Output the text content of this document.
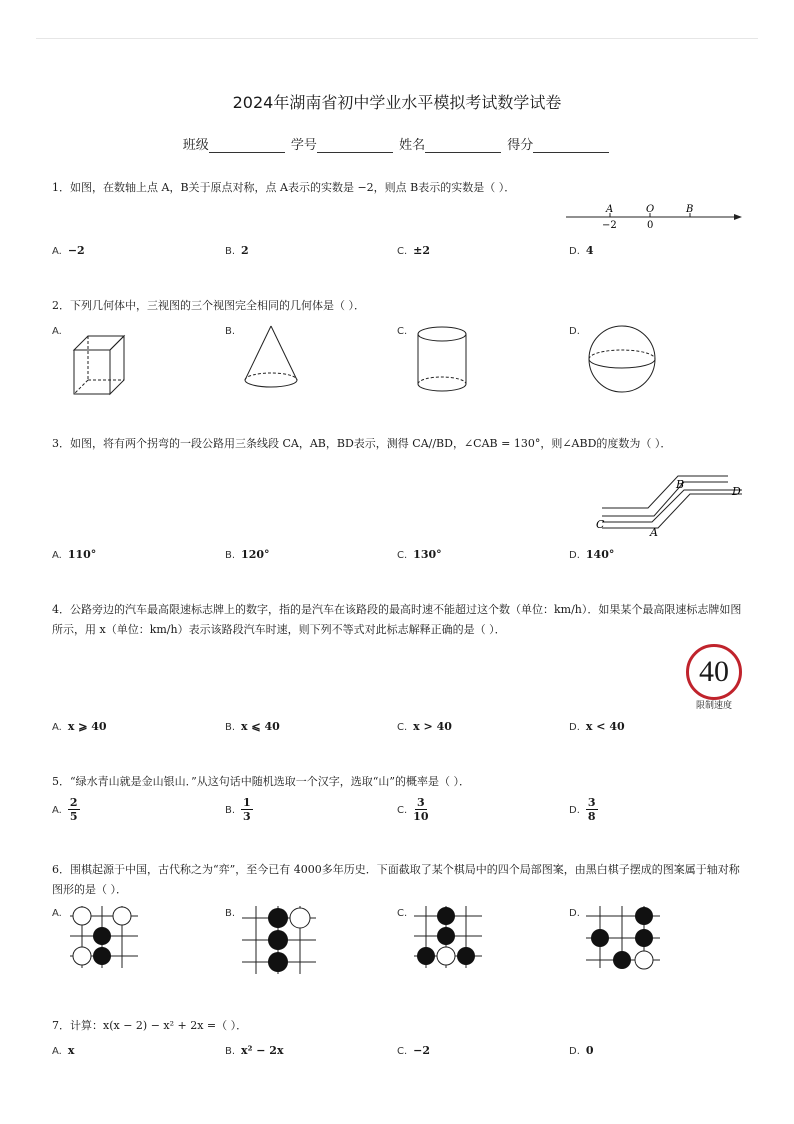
2024年湖南省初中学业水平模拟考试数学试卷
班级	学号	姓名	得分
1．如图，在数轴上点 A，B关于原点对称，点 A表示的实数是 −2，则点 B表示的实数是（ ）．
A	O	B
−2	0
A. −2	B. 2	C. ±2	D. 4
2．下列几何体中，三视图的三个视图完全相同的几何体是（ ）．
A.	B.	C.	D.
3．如图，将有两个拐弯的一段公路用三条线段 CA，AB，BD表示，测得 CA//BD，∠CAB = 130°，则∠ABD的度数为（ ）．
B
D
C
A
A. 110°	B. 120°	C. 130°	D. 140°
4．公路旁边的汽车最高限速标志牌上的数字，指的是汽车在该路段的最高时速不能超过这个数（单位：km/h）．如果某个最高限速标志牌如图所示，用 x（单位：km/h）表示该路段汽车时速，则下列不等式对此标志解释正确的是（ ）．
40
限制速度
A. x ⩾ 40	B. x ⩽ 40	C. x > 40	D. x < 40
5．“绿水青山就是金山银山．”从这句话中随机选取一个汉字，选取“山”的概率是（ ）．
A. $\frac{2}{5}$	B. $\frac{1}{3}$	C. $\frac{3}{10}$	D. $\frac{3}{8}$
6．围棋起源于中国，古代称之为“弈”，至今已有 4000多年历史．下面截取了某个棋局中的四个局部图案，由黑白棋子摆成的图案属于轴对称图形的是（ ）．
A.	B.	C.	D.
7．计算：x(x − 2) − x² + 2x =（ ）．
A. x	B. x² − 2x	C. −2	D. 0
